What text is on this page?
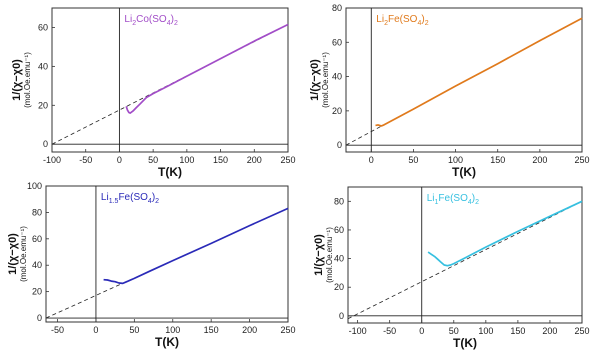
-100 -50	0	50 100 150 200 250
0
20
40
60
T(K)
1/(χ−χ0) (mol.Oe.emu⁻¹)
$Li_2Co(SO_4)_2$
0	50	100	150	200	250
0
20
40
60
80
T(K)
1/(χ−χ0) (mol.Oe.emu⁻¹)
$Li_2Fe(SO_4)_2$
-50	0	50	100	150	200	250
0
20
40
60
80
100
T(K)
1/(χ−χ0) (mol.Oe.emu⁻¹)
$Li_{1.5}Fe(SO_4)_2$
-100 -50	0	50 100 150 200 250
0
20
40
60
80
T(K)
1/(χ−χ0) (mol.Oe.emu⁻¹)
$Li_1Fe(SO_4)_2$
